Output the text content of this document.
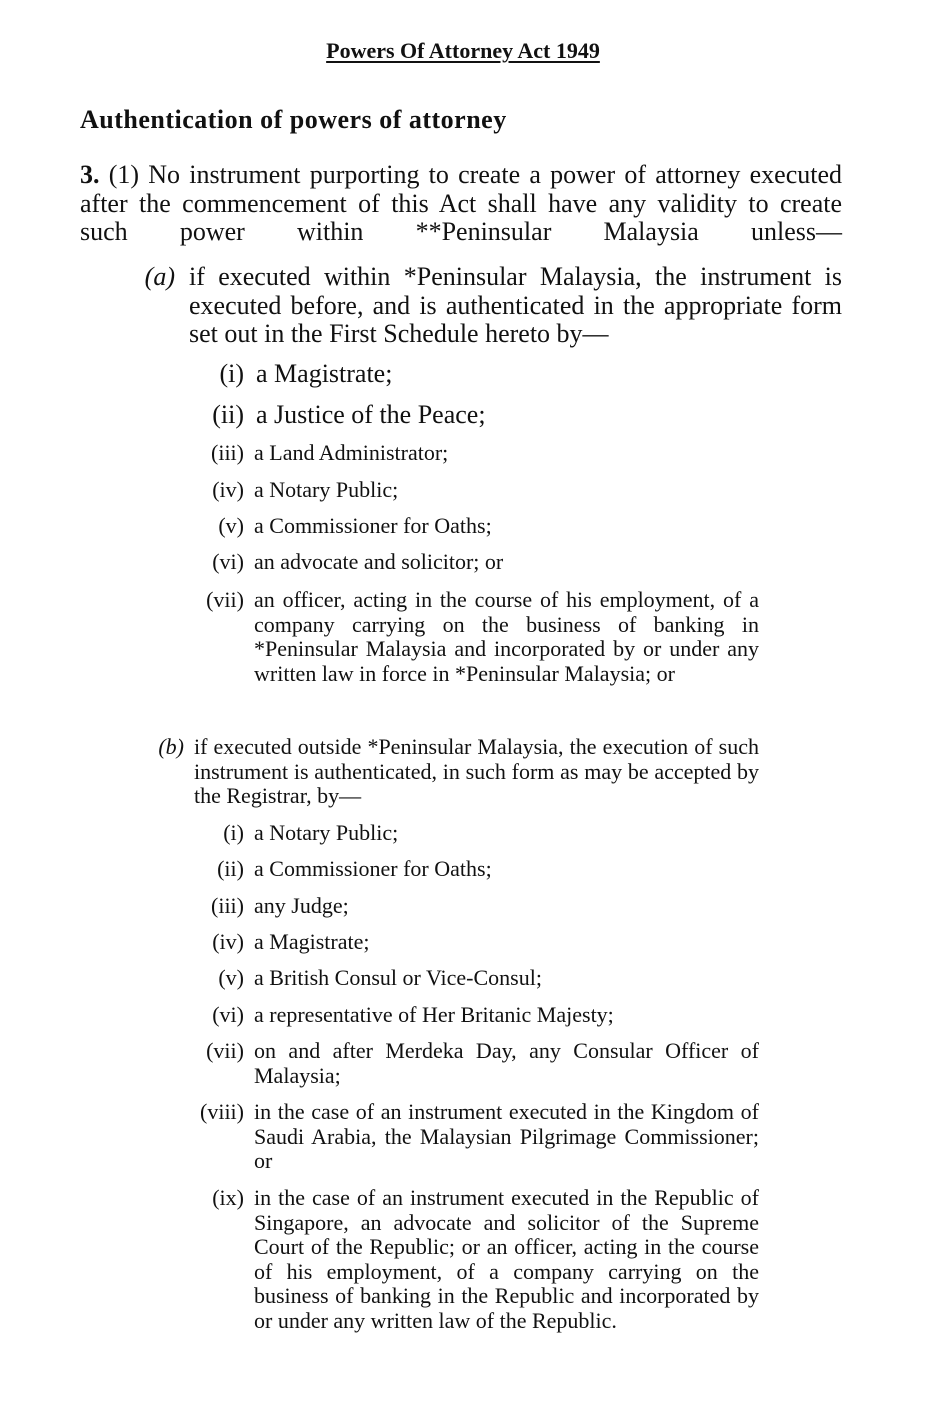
Powers Of Attorney Act 1949
Authentication of powers of attorney

3. (1) No instrument purporting to create a power of attorney executed after the commencement of this Act shall have any validity to create such power within **Peninsular Malaysia unless—

(a) if executed within *Peninsular Malaysia, the instrument is executed before, and is authenticated in the appropriate form set out in the First Schedule hereto by—

(i) a Magistrate;

(ii) a Justice of the Peace;

(iii) a Land Administrator;

(iv) a Notary Public;

(v) a Commissioner for Oaths;

(vi) an advocate and solicitor; or

(vii) an officer, acting in the course of his employment, of a company carrying on the business of banking in *Peninsular Malaysia and incorporated by or under any written law in force in *Peninsular Malaysia; or

(b) if executed outside *Peninsular Malaysia, the execution of such instrument is authenticated, in such form as may be accepted by the Registrar, by—

(i) a Notary Public;

(ii) a Commissioner for Oaths;

(iii) any Judge;

(iv) a Magistrate;

(v) a British Consul or Vice-Consul;

(vi) a representative of Her Britanic Majesty;

(vii) on and after Merdeka Day, any Consular Officer of Malaysia;

(viii) in the case of an instrument executed in the Kingdom of Saudi Arabia, the Malaysian Pilgrimage Commissioner; or

(ix) in the case of an instrument executed in the Republic of Singapore, an advocate and solicitor of the Supreme Court of the Republic; or an officer, acting in the course of his employment, of a company carrying on the business of banking in the Republic and incorporated by or under any written law of the Republic.
